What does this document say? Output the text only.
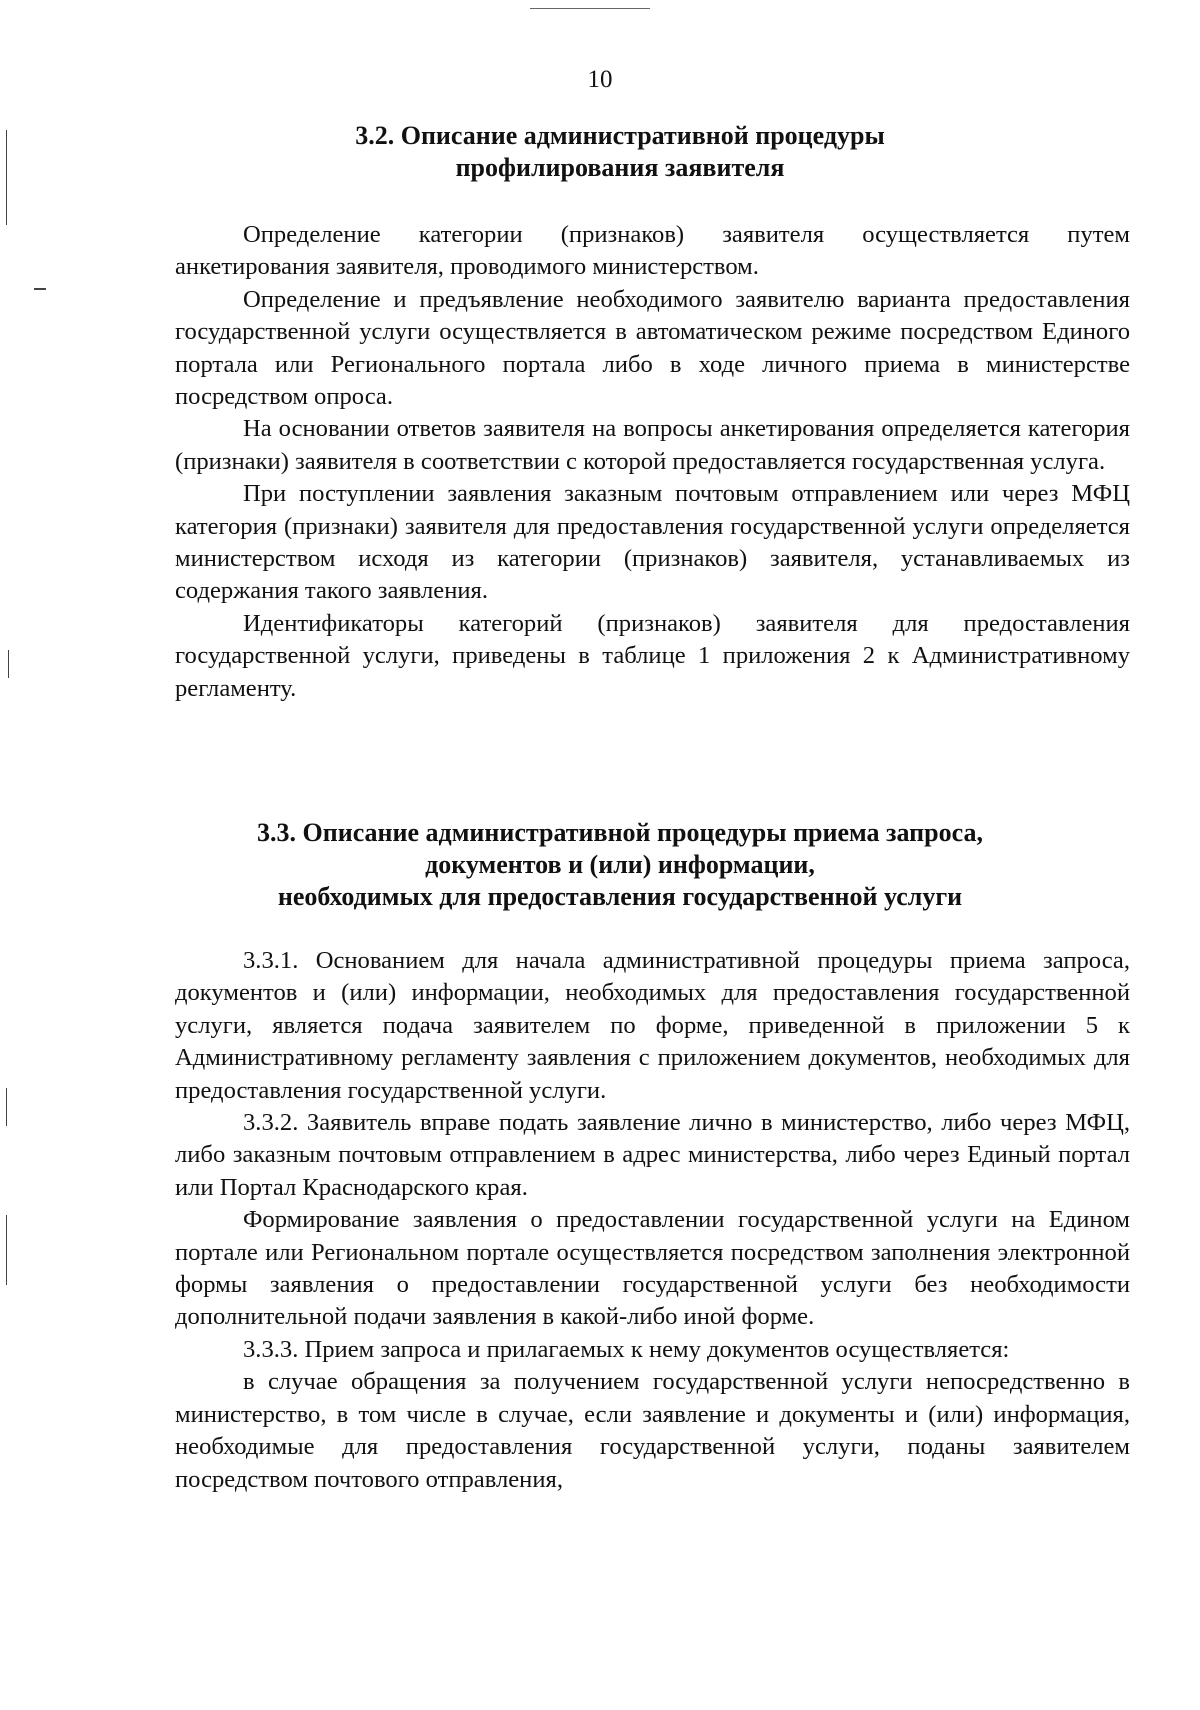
10
3.2. Описание административной процедуры
профилирования заявителя

Определение категории (признаков) заявителя осуществляется путем анкетирования заявителя, проводимого министерством.

Определение и предъявление необходимого заявителю варианта предоставления государственной услуги осуществляется в автоматическом режиме посредством Единого портала или Регионального портала либо в ходе личного приема в министерстве посредством опроса.

На основании ответов заявителя на вопросы анкетирования определяется категория (признаки) заявителя в соответствии с которой предоставляется государственная услуга.

При поступлении заявления заказным почтовым отправлением или через МФЦ категория (признаки) заявителя для предоставления государственной услуги определяется министерством исходя из категории (признаков) заявителя, устанавливаемых из содержания такого заявления.

Идентификаторы категорий (признаков) заявителя для предоставления государственной услуги, приведены в таблице 1 приложения 2 к Административному регламенту.

3.3. Описание административной процедуры приема запроса,
документов и (или) информации,
необходимых для предоставления государственной услуги

3.3.1. Основанием для начала административной процедуры приема запроса, документов и (или) информации, необходимых для предоставления государственной услуги, является подача заявителем по форме, приведенной в приложении 5 к Административному регламенту заявления с приложением документов, необходимых для предоставления государственной услуги.

3.3.2. Заявитель вправе подать заявление лично в министерство, либо через МФЦ, либо заказным почтовым отправлением в адрес министерства, либо через Единый портал или Портал Краснодарского края.

Формирование заявления о предоставлении государственной услуги на Едином портале или Региональном портале осуществляется посредством заполнения электронной формы заявления о предоставлении государственной услуги без необходимости дополнительной подачи заявления в какой-либо иной форме.

3.3.3. Прием запроса и прилагаемых к нему документов осуществляется:

в случае обращения за получением государственной услуги непосредственно в министерство, в том числе в случае, если заявление и документы и (или) информация, необходимые для предоставления государственной услуги, поданы заявителем посредством почтового отправления,
